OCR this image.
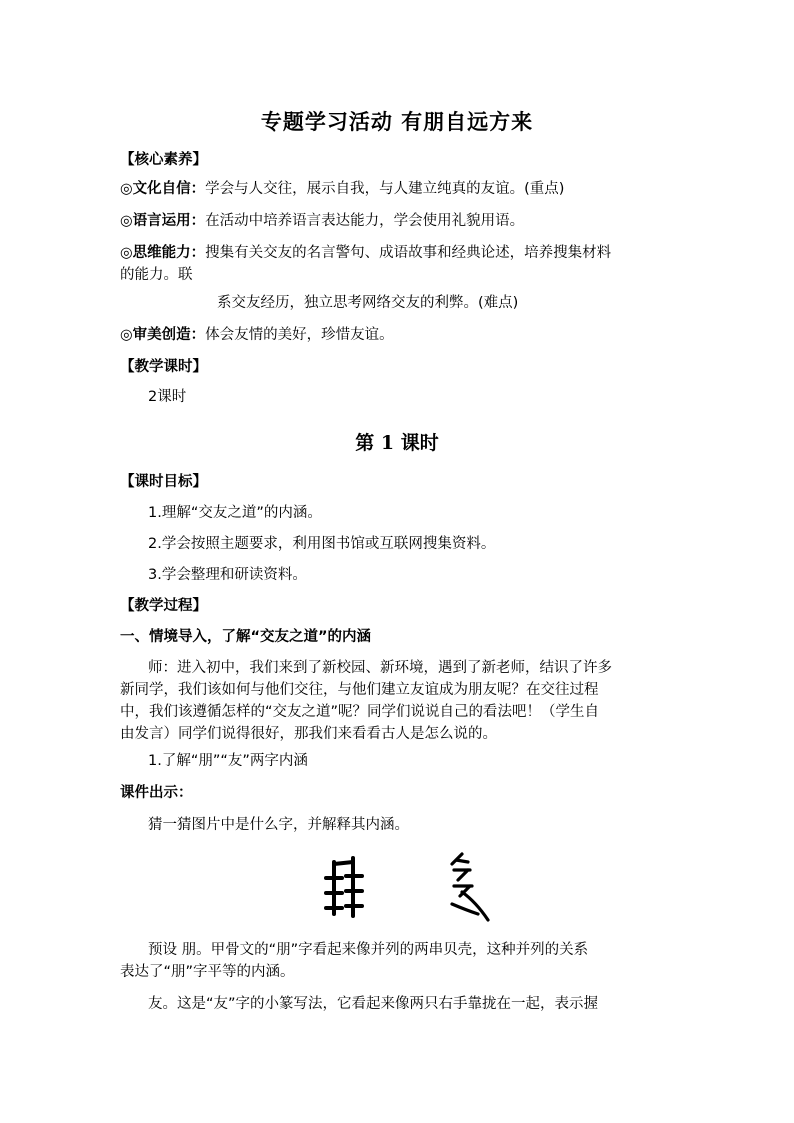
专题学习活动 有朋自远方来
【核心素养】
◎文化自信：学会与人交往，展示自我，与人建立纯真的友谊。(重点)
◎语言运用：在活动中培养语言表达能力，学会使用礼貌用语。
◎思维能力：搜集有关交友的名言警句、成语故事和经典论述，培养搜集材料
的能力。联
系交友经历，独立思考网络交友的利弊。(难点)
◎审美创造：体会友情的美好，珍惜友谊。
【教学课时】
2课时
第 1 课时
【课时目标】
1.理解“交友之道”的内涵。
2.学会按照主题要求，利用图书馆或互联网搜集资料。
3.学会整理和研读资料。
【教学过程】
一、情境导入，了解“交友之道”的内涵
师：进入初中，我们来到了新校园、新环境，遇到了新老师，结识了许多
新同学，我们该如何与他们交往，与他们建立友谊成为朋友呢？在交往过程
中，我们该遵循怎样的“交友之道”呢？同学们说说自己的看法吧！（学生自
由发言）同学们说得很好，那我们来看看古人是怎么说的。
1.了解“朋”“友”两字内涵
课件出示：
猜一猜图片中是什么字，并解释其内涵。
预设 朋。甲骨文的“朋”字看起来像并列的两串贝壳，这种并列的关系
表达了“朋”字平等的内涵。
友。这是“友”字的小篆写法，它看起来像两只右手靠拢在一起，表示握
